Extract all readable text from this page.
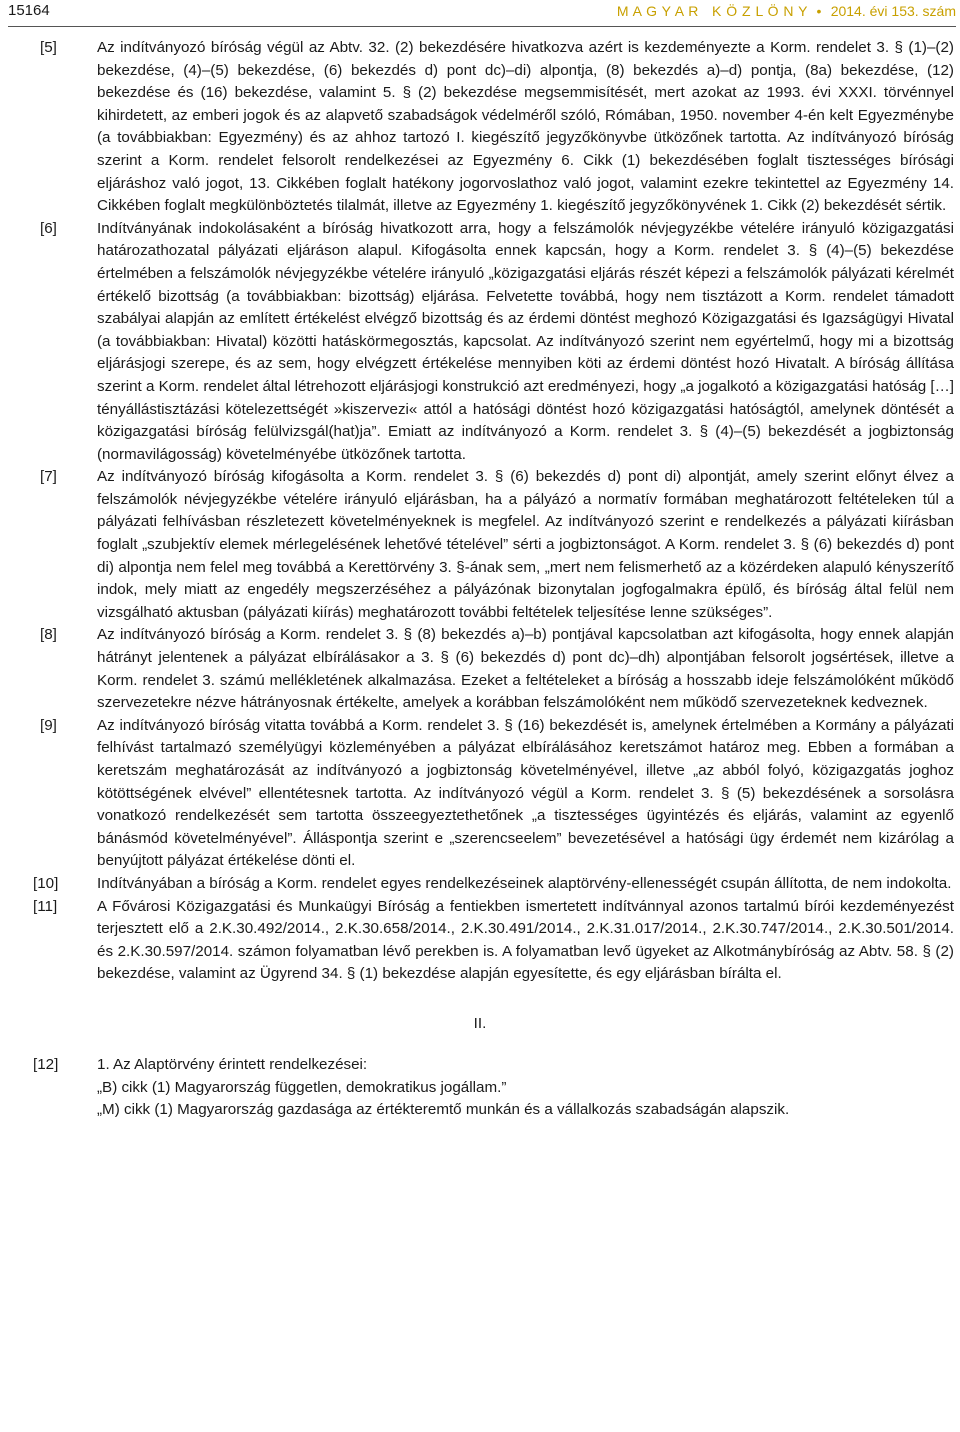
15164	M A G Y A R   K Ö Z L Ö N Y  •  2014. évi 153. szám
[5]	Az indítványozó bíróság végül az Abtv. 32. (2) bekezdésére hivatkozva azért is kezdeményezte a Korm. rendelet 3. § (1)–(2) bekezdése, (4)–(5) bekezdése, (6) bekezdés d) pont dc)–di) alpontja, (8) bekezdés a)–d) pontja, (8a) bekezdése, (12) bekezdése és (16) bekezdése, valamint 5. § (2) bekezdése megsemmisítését, mert azokat az 1993. évi XXXI. törvénnyel kihirdetett, az emberi jogok és az alapvető szabadságok védelméről szóló, Rómában, 1950. november 4-én kelt Egyezménybe (a továbbiakban: Egyezmény) és az ahhoz tartozó I. kiegészítő jegyzőkönyvbe ütközőnek tartotta. Az indítványozó bíróság szerint a Korm. rendelet felsorolt rendelkezései az Egyezmény 6. Cikk (1) bekezdésében foglalt tisztességes bírósági eljáráshoz való jogot, 13. Cikkében foglalt hatékony jogorvoslathoz való jogot, valamint ezekre tekintettel az Egyezmény 14. Cikkében foglalt megkülönböztetés tilalmát, illetve az Egyezmény 1. kiegészítő jegyzőkönyvének 1. Cikk (2) bekezdését sértik.

[6]	Indítványának indokolásaként a bíróság hivatkozott arra, hogy a felszámolók névjegyzékbe vételére irányuló közigazgatási határozathozatal pályázati eljáráson alapul. Kifogásolta ennek kapcsán, hogy a Korm. rendelet 3. § (4)–(5) bekezdése értelmében a felszámolók névjegyzékbe vételére irányuló „közigazgatási eljárás részét képezi a felszámolók pályázati kérelmét értékelő bizottság (a továbbiakban: bizottság) eljárása. Felvetette továbbá, hogy nem tisztázott a Korm. rendelet támadott szabályai alapján az említett értékelést elvégző bizottság és az érdemi döntést meghozó Közigazgatási és Igazságügyi Hivatal (a továbbiakban: Hivatal) közötti hatáskörmegosztás, kapcsolat. Az indítványozó szerint nem egyértelmű, hogy mi a bizottság eljárásjogi szerepe, és az sem, hogy elvégzett értékelése mennyiben köti az érdemi döntést hozó Hivatalt. A bíróság állítása szerint a Korm. rendelet által létrehozott eljárásjogi konstrukció azt eredményezi, hogy „a jogalkotó a közigazgatási hatóság […] tényállástisztázási kötelezettségét »kiszervezi« attól a hatósági döntést hozó közigazgatási hatóságtól, amelynek döntését a közigazgatási bíróság felülvizsgál(hat)ja”. Emiatt az indítványozó a Korm. rendelet 3. § (4)–(5) bekezdését a jogbiztonság (normavilágosság) követelményébe ütközőnek tartotta.

[7]	Az indítványozó bíróság kifogásolta a Korm. rendelet 3. § (6) bekezdés d) pont di) alpontját, amely szerint előnyt élvez a felszámolók névjegyzékbe vételére irányuló eljárásban, ha a pályázó a normatív formában meghatározott feltételeken túl a pályázati felhívásban részletezett követelményeknek is megfelel. Az indítványozó szerint e rendelkezés a pályázati kiírásban foglalt „szubjektív elemek mérlegelésének lehetővé tételével” sérti a jogbiztonságot. A Korm. rendelet 3. § (6) bekezdés d) pont di) alpontja nem felel meg továbbá a Kerettörvény 3. §-ának sem, „mert nem felismerhető az a közérdeken alapuló kényszerítő indok, mely miatt az engedély megszerzéséhez a pályázónak bizonytalan jogfogalmakra épülő, és bíróság által felül nem vizsgálható aktusban (pályázati kiírás) meghatározott további feltételek teljesítése lenne szükséges”.

[8]	Az indítványozó bíróság a Korm. rendelet 3. § (8) bekezdés a)–b) pontjával kapcsolatban azt kifogásolta, hogy ennek alapján hátrányt jelentenek a pályázat elbírálásakor a 3. § (6) bekezdés d) pont dc)–dh) alpontjában felsorolt jogsértések, illetve a Korm. rendelet 3. számú mellékletének alkalmazása. Ezeket a feltételeket a bíróság a hosszabb ideje felszámolóként működő szervezetekre nézve hátrányosnak értékelte, amelyek a korábban felszámolóként nem működő szervezeteknek kedveznek.

[9]	Az indítványozó bíróság vitatta továbbá a Korm. rendelet 3. § (16) bekezdését is, amelynek értelmében a Kormány a pályázati felhívást tartalmazó személyügyi közleményében a pályázat elbírálásához keretszámot határoz meg. Ebben a formában a keretszám meghatározását az indítványozó a jogbiztonság követelményével, illetve „az abból folyó, közigazgatás joghoz kötöttségének elvével” ellentétesnek tartotta. Az indítványozó végül a Korm. rendelet 3. § (5) bekezdésének a sorsolásra vonatkozó rendelkezését sem tartotta összeegyeztethetőnek „a tisztességes ügyintézés és eljárás, valamint az egyenlő bánásmód követelményével”. Álláspontja szerint e „szerencseelem” bevezetésével a hatósági ügy érdemét nem kizárólag a benyújtott pályázat értékelése dönti el.

[10]	Indítványában a bíróság a Korm. rendelet egyes rendelkezéseinek alaptörvény-ellenességét csupán állította, de nem indokolta.

[11]	A Fővárosi Közigazgatási és Munkaügyi Bíróság a fentiekben ismertetett indítvánnyal azonos tartalmú bírói kezdeményezést terjesztett elő a 2.K.30.492/2014., 2.K.30.658/2014., 2.K.30.491/2014., 2.K.31.017/2014., 2.K.30.747/2014., 2.K.30.501/2014. és 2.K.30.597/2014. számon folyamatban lévő perekben is. A folyamatban levő ügyeket az Alkotmánybíróság az Abtv. 58. § (2) bekezdése, valamint az Ügyrend 34. § (1) bekezdése alapján egyesítette, és egy eljárásban bírálta el.

II.
[12]	1. Az Alaptörvény érintett rendelkezései:

„B) cikk (1) Magyarország független, demokratikus jogállam.”

„M) cikk (1) Magyarország gazdasága az értékteremtő munkán és a vállalkozás szabadságán alapszik.
